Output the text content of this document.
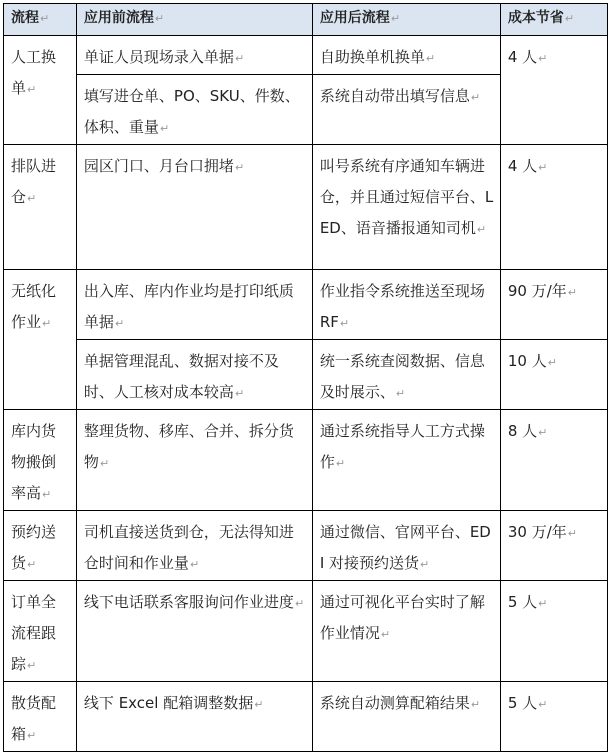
流程↵	应用前流程↵	应用后流程↵	成本节省↵
人工换单↵	单证人员现场录入单据↵	自助换单机换单↵	4 人↵
	填写进仓单、PO、SKU、件数、体积、重量↵	系统自动带出填写信息↵	
排队进仓↵	园区门口、月台口拥堵↵	叫号系统有序通知车辆进仓，并且通过短信平台、LED、语音播报通知司机↵	4 人↵
无纸化作业↵	出入库、库内作业均是打印纸质单据↵	作业指令系统推送至现场 RF↵	90 万/年↵
	单据管理混乱、数据对接不及时、人工核对成本较高↵	统一系统查阅数据、信息及时展示、↵	10 人↵
库内货物搬倒率高↵	整理货物、移库、合并、拆分货物↵	通过系统指导人工方式操作↵	8 人↵
预约送货↵	司机直接送货到仓，无法得知进仓时间和作业量↵	通过微信、官网平台、EDI 对接预约送货↵	30 万/年↵
订单全流程跟踪↵	线下电话联系客服询问作业进度↵	通过可视化平台实时了解作业情况↵	5 人↵
散货配箱↵	线下 Excel 配箱调整数据↵	系统自动测算配箱结果↵	5 人↵
